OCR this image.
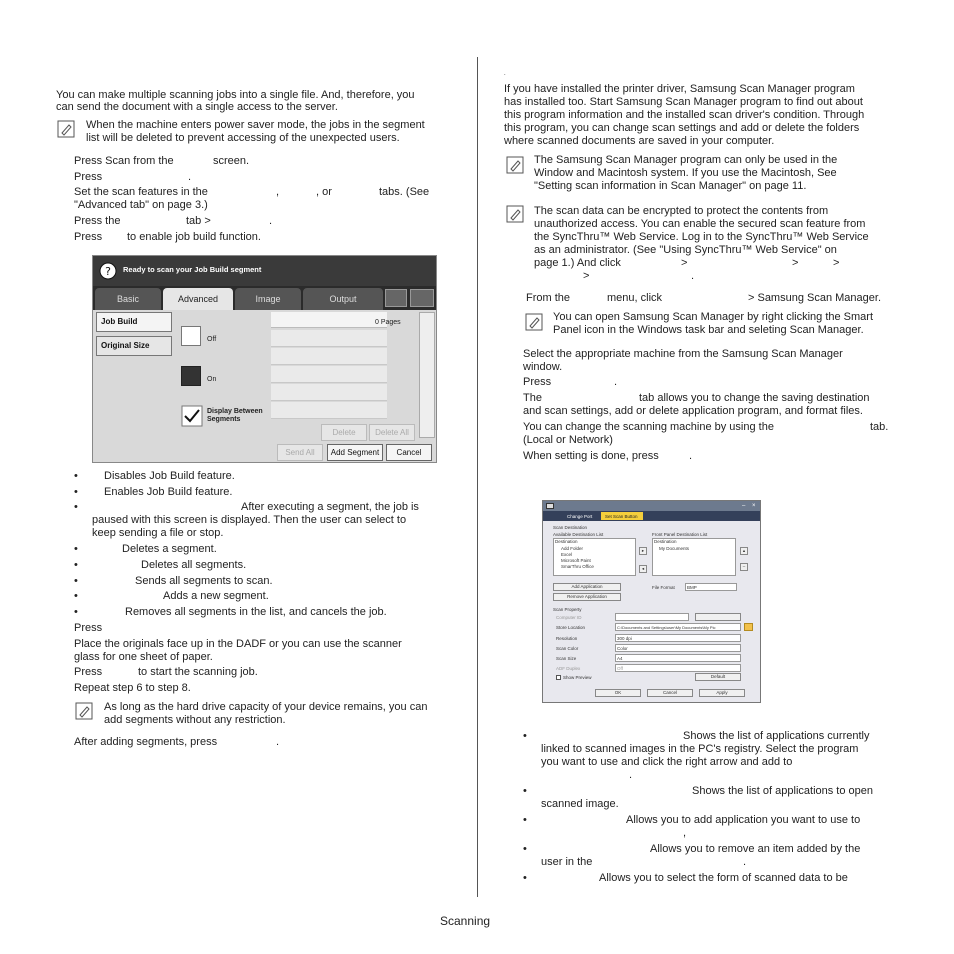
You can make multiple scanning jobs into a single file. And, therefore, you
can send the document with a single access to the server.
When the machine enters power saver mode, the jobs in the segment
list will be deleted to prevent accessing of the unexpected users.
Press Scan from the	screen.
Press	.
Set the scan features in the	,	, or	tabs. (See
"Advanced tab" on page 3.)
Press the	tab >	.
Press to enable job build function.
? Ready to scan your Job Build segment
Basic	Advanced	Image	Output
Job Build
Original Size
Off
On
Display Between
Segments
0 Pages
Delete	Delete All
Send All	Add Segment	Cancel
• Disables Job Build feature.
• Enables Job Build feature.
•	After executing a segment, the job is
paused with this screen is displayed. Then the user can select to
keep sending a file or stop.
•	Deletes a segment.
•	Deletes all segments.
•	Sends all segments to scan.
•	Adds a new segment.
•	Removes all segments in the list, and cancels the job.
Press
Place the originals face up in the DADF or you can use the scanner
glass for one sheet of paper.
Press	to start the scanning job.
Repeat step 6 to step 8.
As long as the hard drive capacity of your device remains, you can
add segments without any restriction.
After adding segments, press	.
.
If you have installed the printer driver, Samsung Scan Manager program
has installed too. Start Samsung Scan Manager program to find out about
this program information and the installed scan driver's condition. Through
this program, you can change scan settings and add or delete the folders
where scanned documents are saved in your computer.
The Samsung Scan Manager program can only be used in the
Window and Macintosh system. If you use the Macintosh, See
"Setting scan information in Scan Manager" on page 11.
The scan data can be encrypted to protect the contents from
unauthorized access. You can enable the secured scan feature from
the SyncThru™ Web Service. Log in to the SyncThru™ Web Service
as an administrator. (See "Using SyncThru™ Web Service" on
page 1.) And click	>	>	>
>	.
From the	menu, click	> Samsung Scan Manager.
You can open Samsung Scan Manager by right clicking the Smart
Panel icon in the Windows task bar and seleting Scan Manager.
Select the appropriate machine from the Samsung Scan Manager
window.
Press	.
The	tab allows you to change the saving destination
and scan settings, add or delete application program, and format files.
You can change the scanning machine by using the	tab.
(Local or Network)
When setting is done, press	.
–	×
Change Port	Set Scan Button
Scan Destination
Available Destination List
Destination
Add Folder
Excel
Microsoft Paint
SmarThru Office
▸
◂
Front Panel Destination List
Destination
My Documents	▴
–
Add Application
Remove Application
File Format	BMP
Scan Property
Computer ID
Store Location	C:\Documents and Settings\user\My Documents\My Pic
Resolution	300 dpi
Scan Color	Color
Scan Size	A4
ADF Duplex	Off
Show Preview	Default
OK	Cancel	Apply
•	Shows the list of applications currently
linked to scanned images in the PC's registry. Select the program
you want to use and click the right arrow and add to
.
•	Shows the list of applications to open
scanned image.
•	Allows you to add application you want to use to
,
•	Allows you to remove an item added by the
user in the	.
•	Allows you to select the form of scanned data to be
Scanning
